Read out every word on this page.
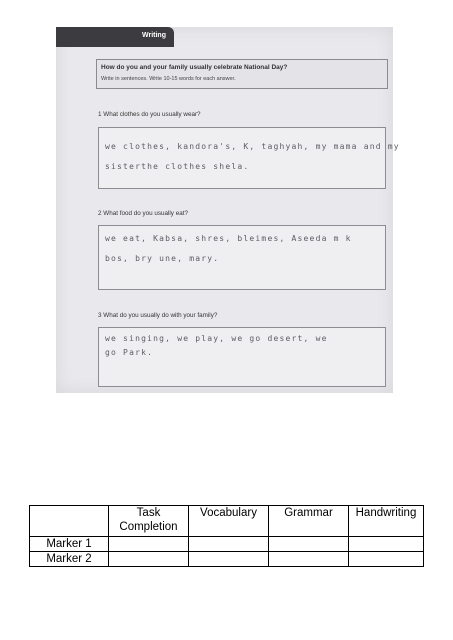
Writing
How do you and your family usually celebrate National Day?
Write in sentences. Write 10-15 words for each answer.
1 What clothes do you usually wear?
we clothes, kandora's, K, taghyah, my mama and my
sisterthe clothes shela.
2 What food do you usually eat?
we eat, Kabsa, shres, bleimes, Aseeda m k
bos, bry une, mary.
3 What do you usually do with your family?
we singing, we play, we go desert, we
go Park.
	Task Completion	Vocabulary	Grammar	Handwriting
Marker 1				
Marker 2				
